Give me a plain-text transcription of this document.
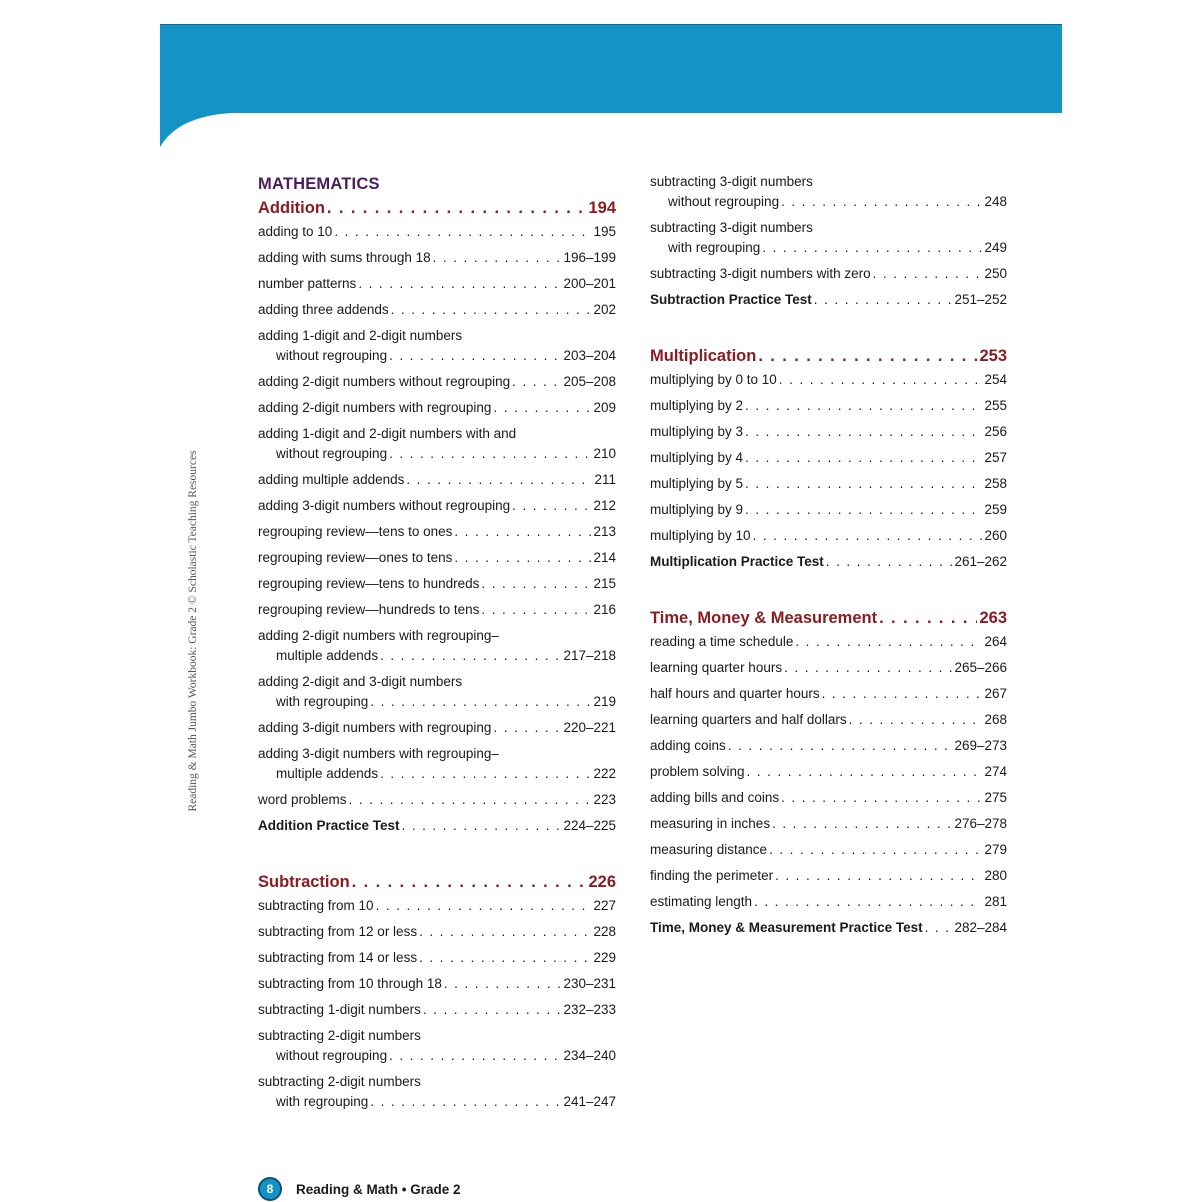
Reading & Math Jumbo Workbook: Grade 2 © Scholastic Teaching Resources
MATHEMATICS
Addition . . .	194
adding to 10 . . .	195
adding with sums through 18 . . .	196–199
number patterns . . .	200–201
adding three addends . . .	202
adding 1-digit and 2-digit numbers
without regrouping . . .	203–204
adding 2-digit numbers without regrouping . . .	205–208
adding 2-digit numbers with regrouping . . .	209
adding 1-digit and 2-digit numbers with and
without regrouping . . .	210
adding multiple addends . . .	211
adding 3-digit numbers without regrouping . . .	212
regrouping review—tens to ones . . .	213
regrouping review—ones to tens . . .	214
regrouping review—tens to hundreds . . .	215
regrouping review—hundreds to tens . . .	216
adding 2-digit numbers with regrouping–
multiple addends . . .	217–218
adding 2-digit and 3-digit numbers
with regrouping . . .	219
adding 3-digit numbers with regrouping . . .	220–221
adding 3-digit numbers with regrouping–
multiple addends . . .	222
word problems . . .	223
Addition Practice Test . . .	224–225
Subtraction . . .	226
subtracting from 10 . . .	227
subtracting from 12 or less . . .	228
subtracting from 14 or less . . .	229
subtracting from 10 through 18 . . .	230–231
subtracting 1-digit numbers . . .	232–233
subtracting 2-digit numbers
without regrouping . . .	234–240
subtracting 2-digit numbers
with regrouping . . .	241–247
subtracting 3-digit numbers
without regrouping . . .	248
subtracting 3-digit numbers
with regrouping . . .	249
subtracting 3-digit numbers with zero . . .	250
Subtraction Practice Test . . .	251–252
Multiplication . . .	253
multiplying by 0 to 10 . . .	254
multiplying by 2 . . .	255
multiplying by 3 . . .	256
multiplying by 4 . . .	257
multiplying by 5 . . .	258
multiplying by 9 . . .	259
multiplying by 10 . . .	260
Multiplication Practice Test . . .	261–262
Time, Money & Measurement . . .	263
reading a time schedule . . .	264
learning quarter hours . . .	265–266
half hours and quarter hours . . .	267
learning quarters and half dollars . . .	268
adding coins . . .	269–273
problem solving . . .	274
adding bills and coins . . .	275
measuring in inches . . .	276–278
measuring distance . . .	279
finding the perimeter . . .	280
estimating length . . .	281
Time, Money & Measurement Practice Test . . . 282–284
8	Reading & Math • Grade 2
